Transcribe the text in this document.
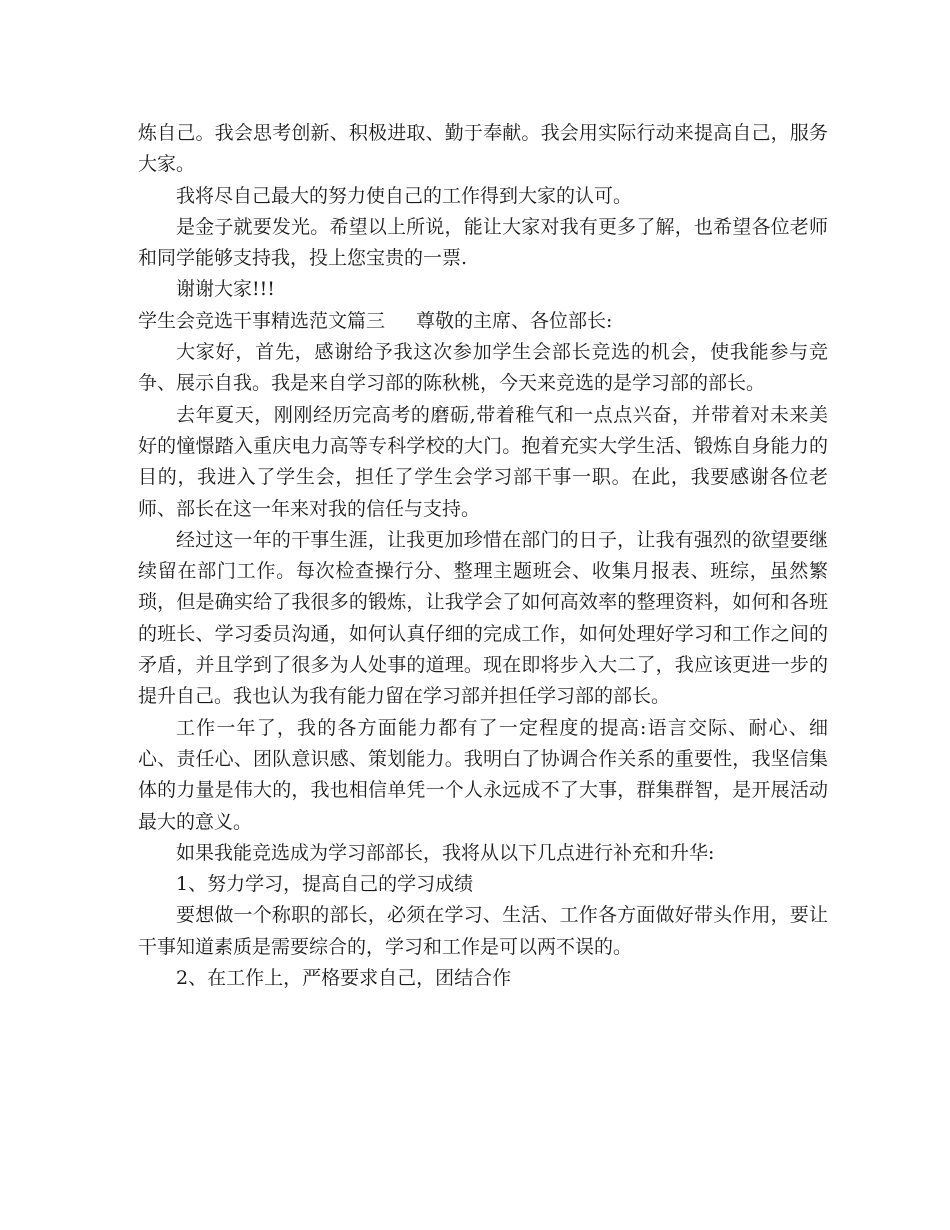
炼自己。我会思考创新、积极进取、勤于奉献。我会用实际行动来提高自己，服务大家。
我将尽自己最大的努力使自己的工作得到大家的认可。
是金子就要发光。希望以上所说，能让大家对我有更多了解，也希望各位老师和同学能够支持我，投上您宝贵的一票.
谢谢大家!!!
学生会竞选干事精选范文篇三 尊敬的主席、各位部长:
大家好，首先，感谢给予我这次参加学生会部长竞选的机会，使我能参与竞争、展示自我。我是来自学习部的陈秋桃，今天来竞选的是学习部的部长。
去年夏天，刚刚经历完高考的磨砺,带着稚气和一点点兴奋，并带着对未来美好的憧憬踏入重庆电力高等专科学校的大门。抱着充实大学生活、锻炼自身能力的目的，我进入了学生会，担任了学生会学习部干事一职。在此，我要感谢各位老师、部长在这一年来对我的信任与支持。
经过这一年的干事生涯，让我更加珍惜在部门的日子，让我有强烈的欲望要继续留在部门工作。每次检查操行分、整理主题班会、收集月报表、班综，虽然繁琐，但是确实给了我很多的锻炼，让我学会了如何高效率的整理资料，如何和各班的班长、学习委员沟通，如何认真仔细的完成工作，如何处理好学习和工作之间的矛盾，并且学到了很多为人处事的道理。现在即将步入大二了，我应该更进一步的提升自己。我也认为我有能力留在学习部并担任学习部的部长。
工作一年了，我的各方面能力都有了一定程度的提高:语言交际、耐心、细心、责任心、团队意识感、策划能力。我明白了协调合作关系的重要性，我坚信集体的力量是伟大的，我也相信单凭一个人永远成不了大事，群集群智，是开展活动最大的意义。
如果我能竞选成为学习部部长，我将从以下几点进行补充和升华:
1、努力学习，提高自己的学习成绩
要想做一个称职的部长，必须在学习、生活、工作各方面做好带头作用，要让干事知道素质是需要综合的，学习和工作是可以两不误的。
2、在工作上，严格要求自己，团结合作
